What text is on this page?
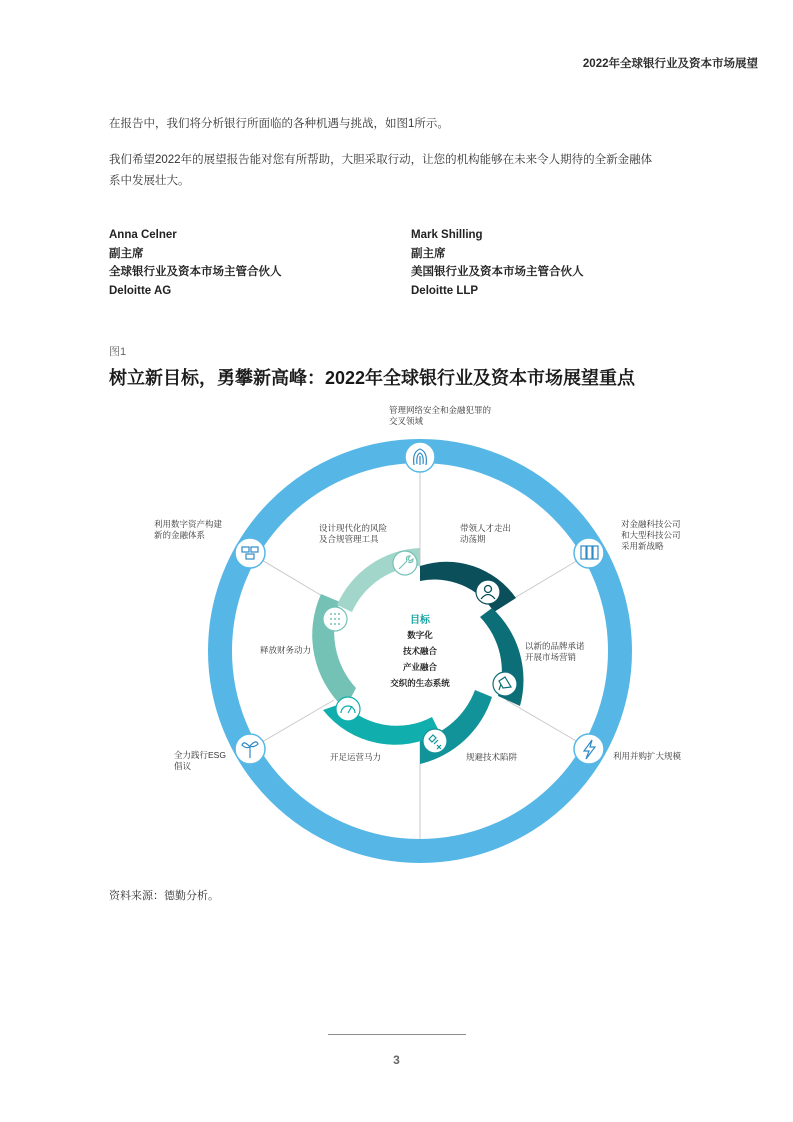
2022年全球银行业及资本市场展望
在报告中，我们将分析银行所面临的各种机遇与挑战，如图1所示。
我们希望2022年的展望报告能对您有所帮助，大胆采取行动，让您的机构能够在未来令人期待的全新金融体
系中发展壮大。
Anna Celner
副主席
全球银行业及资本市场主管合伙人
Deloitte AG
Mark Shilling
副主席
美国银行业及资本市场主管合伙人
Deloitte LLP
图1
树立新目标，勇攀新高峰：2022年全球银行业及资本市场展望重点
目标
数字化
技术融合
产业融合
交织的生态系统
管理网络安全和金融犯罪的 交叉领域
对金融科技公司 和大型科技公司 采用新战略
利用并购扩大规模
全力践行ESG 倡议
利用数字资产构建 新的金融体系
设计现代化的风险 及合规管理工具
带领人才走出 动荡期
以新的品牌承诺 开展市场营销
规避技术陷阱
开足运营马力
释放财务动力
资料来源：德勤分析。
3
